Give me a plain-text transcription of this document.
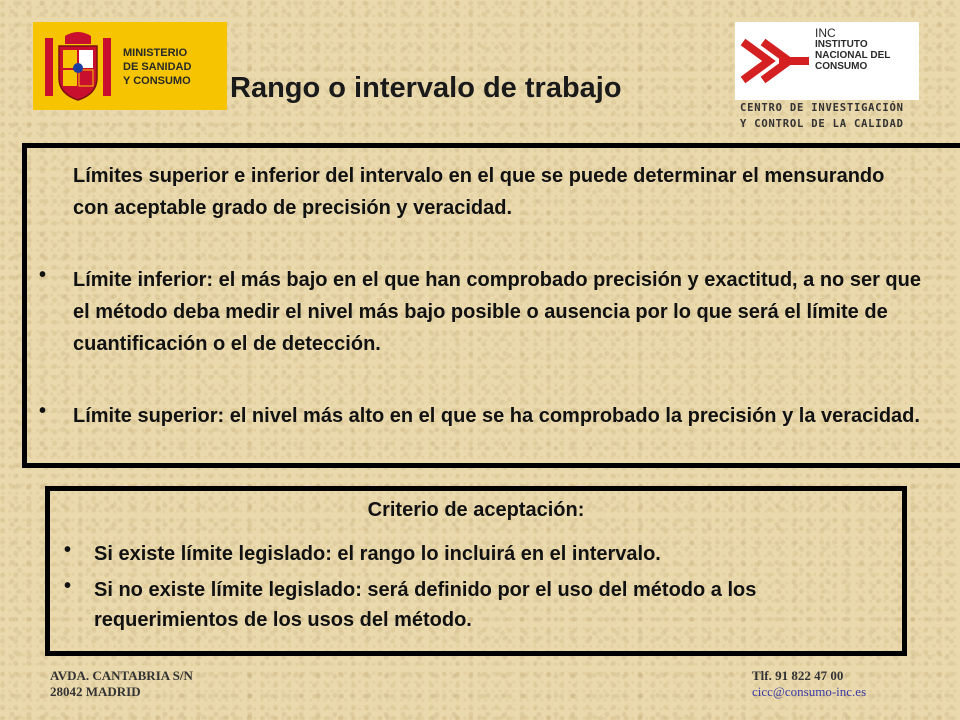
MINISTERIO
DE SANIDAD
Y CONSUMO Rango o intervalo de trabajo
INC
INSTITUTO
NACIONAL DEL
CONSUMO
CENTRO DE INVESTIGACIÓN
Y CONTROL DE LA CALIDAD

Límites superior e inferior del intervalo en el que se puede determinar el mensurando con aceptable grado de precisión y veracidad.

• Límite inferior: el más bajo en el que han comprobado precisión y exactitud, a no ser que el método deba medir el nivel más bajo posible o ausencia por lo que será el límite de cuantificación o el de detección.

• Límite superior: el nivel más alto en el que se ha comprobado la precisión y la veracidad.

Criterio de aceptación:
• Si existe límite legislado: el rango lo incluirá en el intervalo.

• Si no existe límite legislado: será definido por el uso del método a los requerimientos de los usos del método.

AVDA. CANTABRIA S/N
28042 MADRID
Tlf. 91 822 47 00
cicc@consumo-inc.es
